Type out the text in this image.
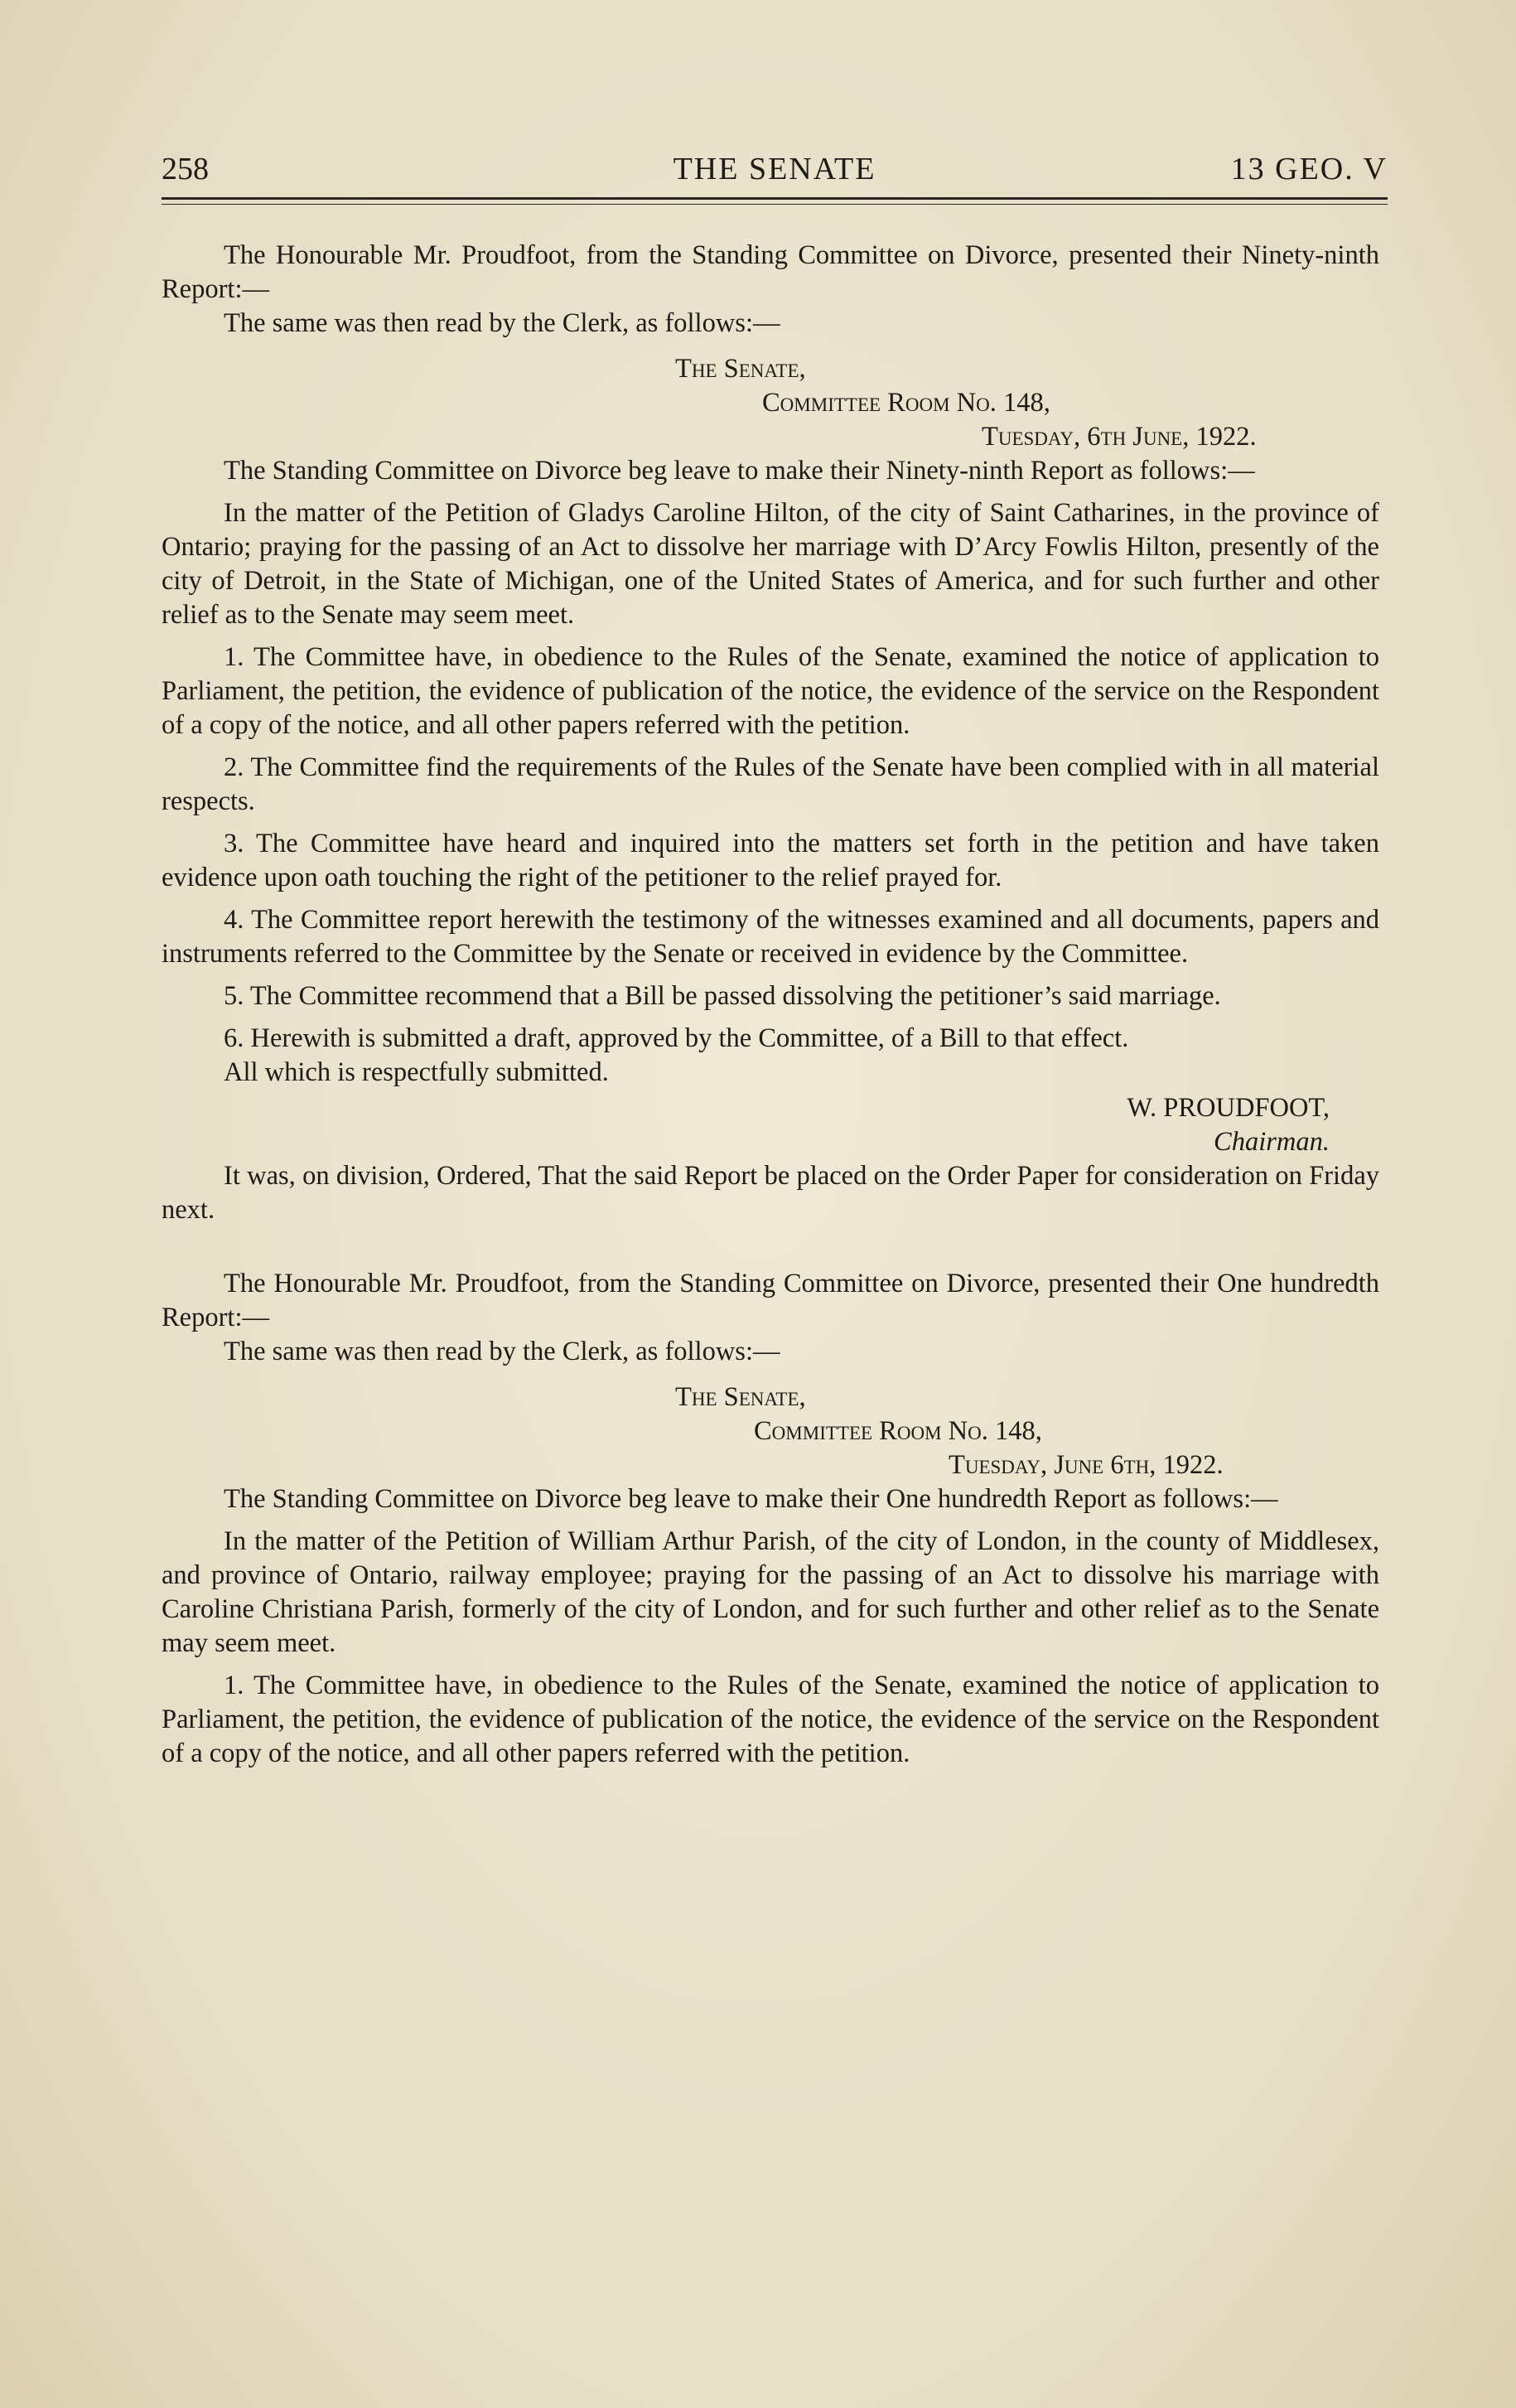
THE SENATE
258	13 GEO. V

The Honourable Mr. Proudfoot, from the Standing Committee on Divorce, presented their Ninety-ninth Report:—

The same was then read by the Clerk, as follows:—

The Senate,

Committee Room No. 148,

Tuesday, 6th June, 1922.

The Standing Committee on Divorce beg leave to make their Ninety-ninth Report as follows:—

In the matter of the Petition of Gladys Caroline Hilton, of the city of Saint Catharines, in the province of Ontario; praying for the passing of an Act to dissolve her marriage with D’Arcy Fowlis Hilton, presently of the city of Detroit, in the State of Michigan, one of the United States of America, and for such further and other relief as to the Senate may seem meet.

1. The Committee have, in obedience to the Rules of the Senate, examined the notice of application to Parliament, the petition, the evidence of publication of the notice, the evidence of the service on the Respondent of a copy of the notice, and all other papers referred with the petition.

2. The Committee find the requirements of the Rules of the Senate have been complied with in all material respects.

3. The Committee have heard and inquired into the matters set forth in the petition and have taken evidence upon oath touching the right of the petitioner to the relief prayed for.

4. The Committee report herewith the testimony of the witnesses examined and all documents, papers and instruments referred to the Committee by the Senate or received in evidence by the Committee.

5. The Committee recommend that a Bill be passed dissolving the petitioner’s said marriage.

6. Herewith is submitted a draft, approved by the Committee, of a Bill to that effect.

All which is respectfully submitted.

W. PROUDFOOT,

Chairman.

It was, on division, Ordered, That the said Report be placed on the Order Paper for consideration on Friday next.

The Honourable Mr. Proudfoot, from the Standing Committee on Divorce, presented their One hundredth Report:—

The same was then read by the Clerk, as follows:—

The Senate,

Committee Room No. 148,

Tuesday, June 6th, 1922.

The Standing Committee on Divorce beg leave to make their One hundredth Report as follows:—

In the matter of the Petition of William Arthur Parish, of the city of London, in the county of Middlesex, and province of Ontario, railway employee; praying for the passing of an Act to dissolve his marriage with Caroline Christiana Parish, formerly of the city of London, and for such further and other relief as to the Senate may seem meet.

1. The Committee have, in obedience to the Rules of the Senate, examined the notice of application to Parliament, the petition, the evidence of publication of the notice, the evidence of the service on the Respondent of a copy of the notice, and all other papers referred with the petition.
